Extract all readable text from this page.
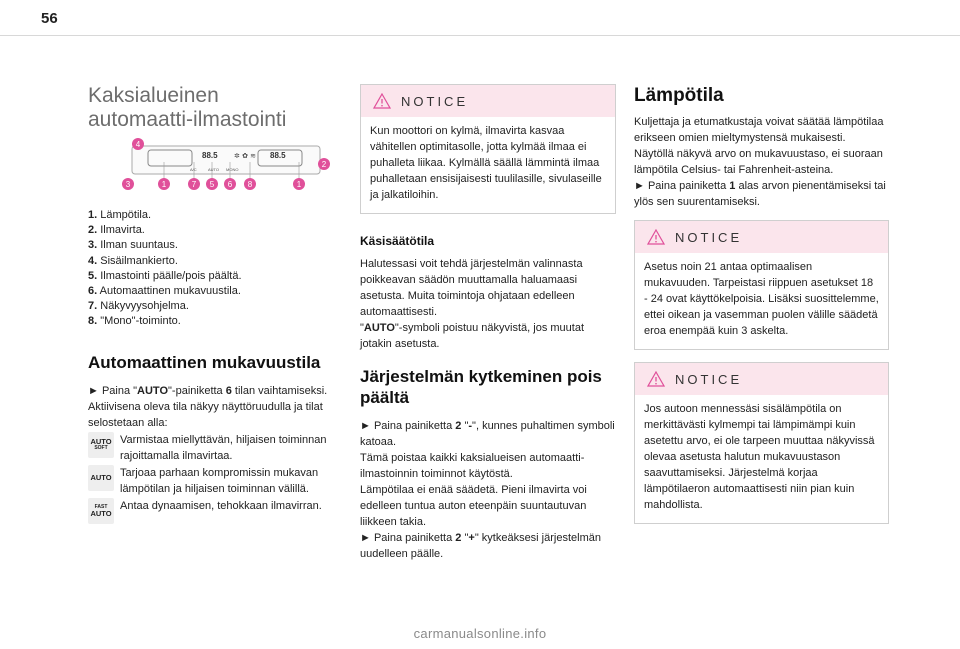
56

Kaksialueinen
automaatti-ilmastointi

88.5 ✲ ✿ ≋ 88.5
A/C	AUTO MONO
4
2
3	1	7 5 6 8	1
1. Lämpötila.
2. Ilmavirta.
3. Ilman suuntaus.
4. Sisäilmankierto.
5. Ilmastointi päälle/pois päältä.
6. Automaattinen mukavuustila.
7. Näkyvyysohjelma.
8. "Mono"-toiminto.
Automaattinen mukavuustila

► Paina "AUTO"-painiketta 6 tilan vaihtamiseksi.

Aktiivisena oleva tila näkyy näyttöruudulla ja tilat selostetaan alla:

AUTO
SOFT

Varmistaa miellyttävän, hiljaisen toiminnan rajoittamalla ilmavirtaa.

AUTO Tarjoaa parhaan kompromissin mukavan lämpötilan ja hiljaisen toiminnan välillä.

FAST
AUTO

Antaa dynaamisen, tehokkaan ilmavirran.

NOTICE

Kun moottori on kylmä, ilmavirta kasvaa vähitellen optimitasolle, jotta kylmää ilmaa ei puhalleta liikaa. Kylmällä säällä lämmintä ilmaa puhalletaan ensisijaisesti tuulilasille, sivulaseille ja jalkatiloihin.

Käsisäätötila

Halutessasi voit tehdä järjestelmän valinnasta poikkeavan säädön muuttamalla haluamaasi asetusta. Muita toimintoja ohjataan edelleen automaattisesti.

"AUTO"-symboli poistuu näkyvistä, jos muutat jotakin asetusta.

Järjestelmän kytkeminen pois päältä

► Paina painiketta 2 "-", kunnes puhaltimen symboli katoaa.

Tämä poistaa kaikki kaksialueisen automaatti-ilmastoinnin toiminnot käytöstä.

Lämpötilaa ei enää säädetä. Pieni ilmavirta voi edelleen tuntua auton eteenpäin suuntautuvan liikkeen takia.

► Paina painiketta 2 "+" kytkeäksesi järjestelmän uudelleen päälle.

Lämpötila

Kuljettaja ja etumatkustaja voivat säätää lämpötilaa erikseen omien mieltymystensä mukaisesti.

Näytöllä näkyvä arvo on mukavuustaso, ei suoraan lämpötila Celsius- tai Fahrenheit-asteina.

► Paina painiketta 1 alas arvon pienentämiseksi tai ylös sen suurentamiseksi.

NOTICE

Asetus noin 21 antaa optimaalisen mukavuuden. Tarpeistasi riippuen asetukset 18 - 24 ovat käyttökelpoisia. Lisäksi suosittelemme, ettei oikean ja vasemman puolen välille säädetä eroa enempää kuin 3 askelta.

NOTICE

Jos autoon mennessäsi sisälämpötila on merkittävästi kylmempi tai lämpimämpi kuin asetettu arvo, ei ole tarpeen muuttaa näkyvissä olevaa asetusta halutun mukavuustason saavuttamiseksi. Järjestelmä korjaa lämpötilaeron automaattisesti niin pian kuin mahdollista.

carmanualsonline.info
